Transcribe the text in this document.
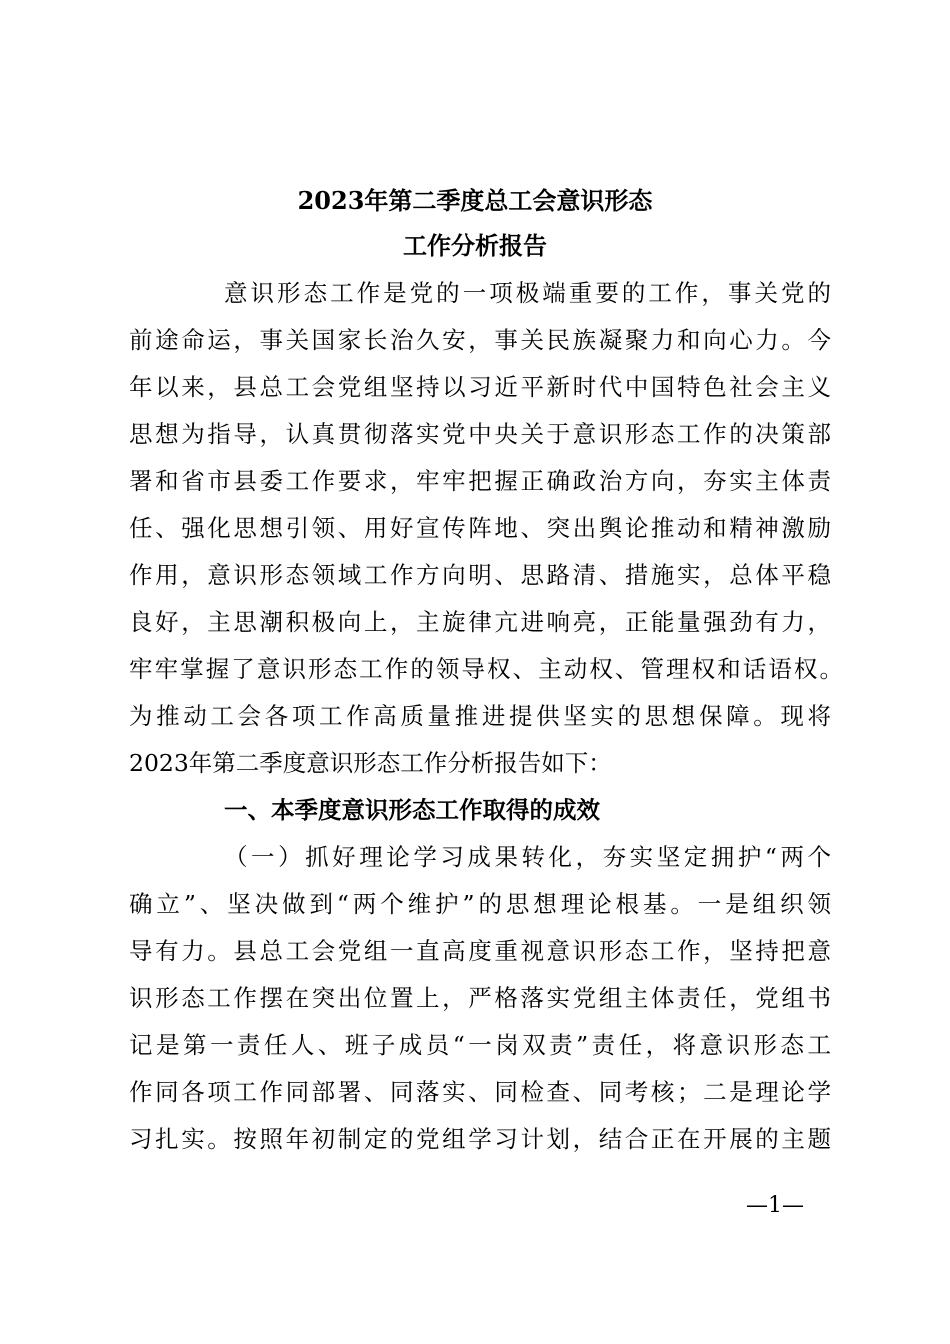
2023年第二季度总工会意识形态
工作分析报告
意识形态工作是党的一项极端重要的工作，事关党的
前途命运，事关国家长治久安，事关民族凝聚力和向心力。今
年以来，县总工会党组坚持以习近平新时代中国特色社会主义
思想为指导，认真贯彻落实党中央关于意识形态工作的决策部
署和省市县委工作要求，牢牢把握正确政治方向，夯实主体责
任、强化思想引领、用好宣传阵地、突出舆论推动和精神激励
作用，意识形态领域工作方向明、思路清、措施实，总体平稳
良好，主思潮积极向上，主旋律亢进响亮，正能量强劲有力，
牢牢掌握了意识形态工作的领导权、主动权、管理权和话语权。
为推动工会各项工作高质量推进提供坚实的思想保障。现将
2023年第二季度意识形态工作分析报告如下：
一、本季度意识形态工作取得的成效
（一）抓好理论学习成果转化，夯实坚定拥护“两个
确立”、坚决做到“两个维护”的思想理论根基。一是组织领
导有力。县总工会党组一直高度重视意识形态工作，坚持把意
识形态工作摆在突出位置上，严格落实党组主体责任，党组书
记是第一责任人、班子成员“一岗双责”责任，将意识形态工
作同各项工作同部署、同落实、同检查、同考核；二是理论学
习扎实。按照年初制定的党组学习计划，结合正在开展的主题
—1—
